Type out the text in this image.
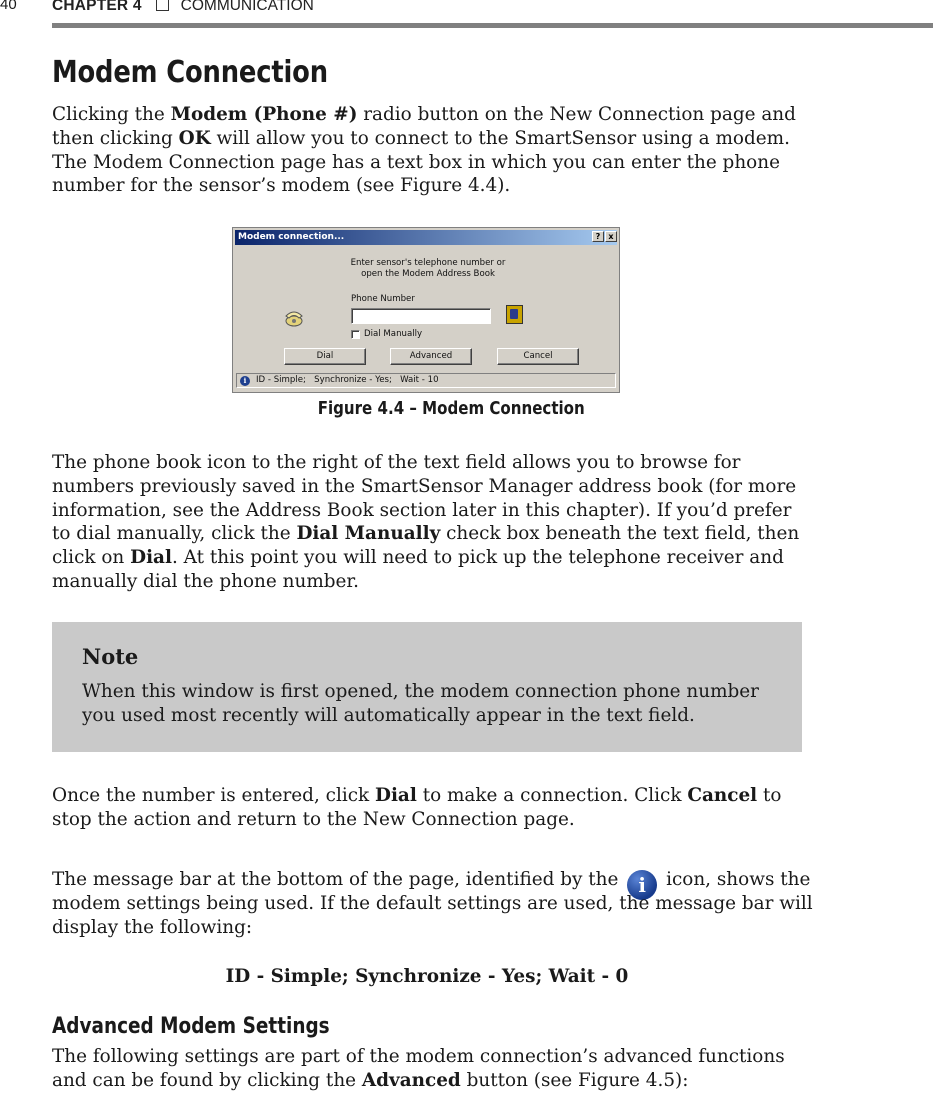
40 CHAPTER 4	COMMUNICATION
Modem Connection
Clicking the Modem (Phone #) radio button on the New Connection page and
then clicking OK will allow you to connect to the SmartSensor using a modem.
The Modem Connection page has a text box in which you can enter the phone
number for the sensor’s modem (see Figure 4.4).
Modem connection...	?	x
Enter sensor's telephone number or
open the Modem Address Book
Phone Number
Dial Manually
Dial	Advanced	Cancel
i ID - Simple;   Synchronize - Yes;   Wait - 10
Figure 4.4 – Modem Connection
The phone book icon to the right of the text field allows you to browse for
numbers previously saved in the SmartSensor Manager address book (for more
information, see the Address Book section later in this chapter). If you’d prefer
to dial manually, click the Dial Manually check box beneath the text field, then
click on Dial. At this point you will need to pick up the telephone receiver and
manually dial the phone number.
Note
When this window is first opened, the modem connection phone number
you used most recently will automatically appear in the text field.
Once the number is entered, click Dial to make a connection. Click Cancel to
stop the action and return to the New Connection page.
The message bar at the bottom of the page, identified by the i icon, shows the
modem settings being used. If the default settings are used, the message bar will
display the following:
ID - Simple; Synchronize - Yes; Wait - 0
Advanced Modem Settings
The following settings are part of the modem connection’s advanced functions
and can be found by clicking the Advanced button (see Figure 4.5):
